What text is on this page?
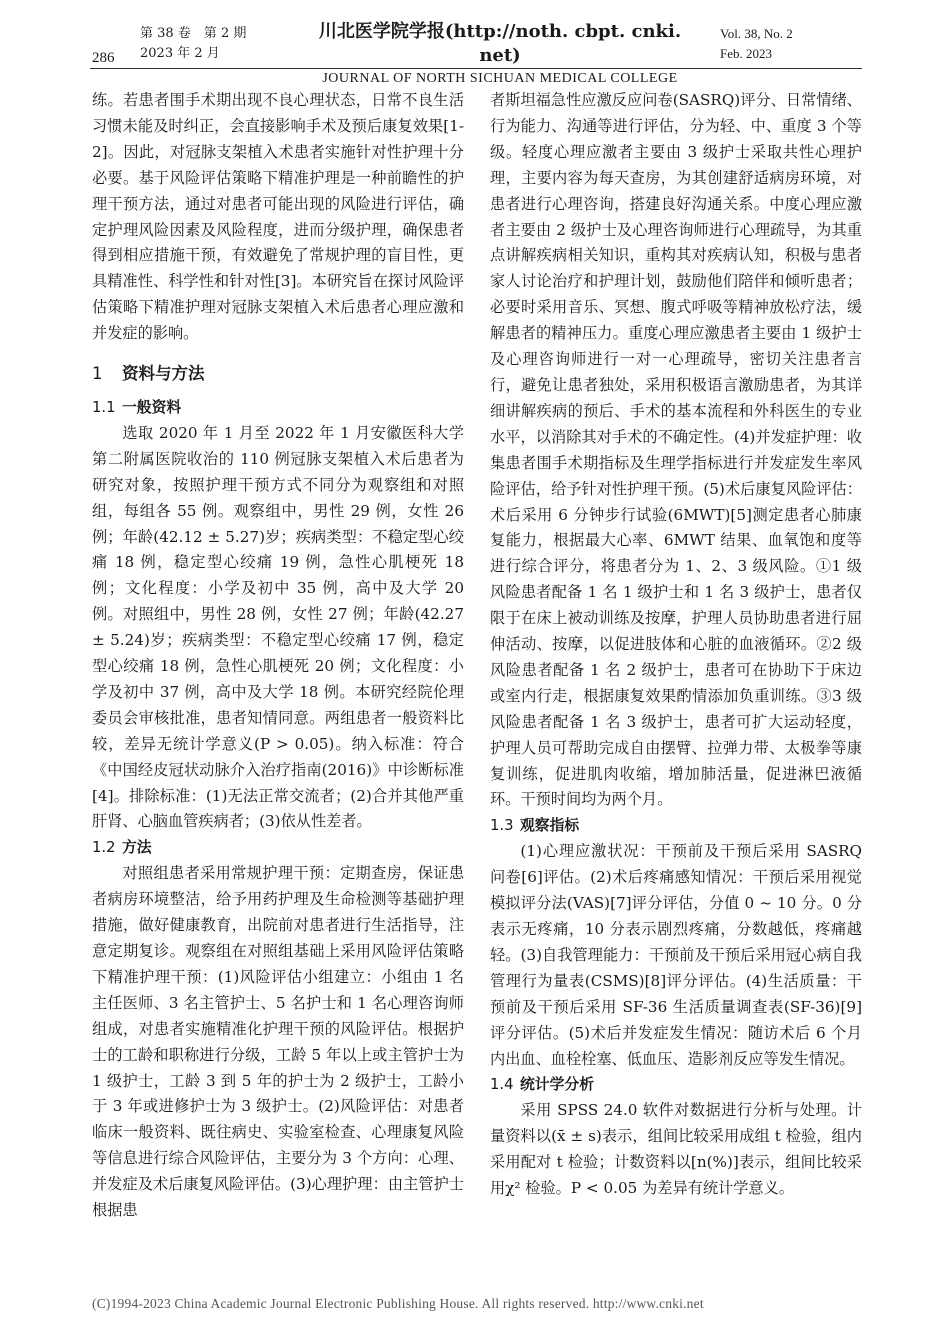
286
第 38 卷　第 2 期
2023 年 2 月
川北医学院学报(http://noth. cbpt. cnki. net)
JOURNAL OF NORTH SICHUAN MEDICAL COLLEGE
Vol. 38, No. 2
Feb. 2023

练。若患者围手术期出现不良心理状态，日常不良生活习惯未能及时纠正，会直接影响手术及预后康复效果[1-2]。因此，对冠脉支架植入术患者实施针对性护理十分必要。基于风险评估策略下精准护理是一种前瞻性的护理干预方法，通过对患者可能出现的风险进行评估，确定护理风险因素及风险程度，进而分级护理，确保患者得到相应措施干预，有效避免了常规护理的盲目性，更具精准性、科学性和针对性[3]。本研究旨在探讨风险评估策略下精准护理对冠脉支架植入术后患者心理应激和并发症的影响。

1 资料与方法

1.1 一般资料

选取 2020 年 1 月至 2022 年 1 月安徽医科大学第二附属医院收治的 110 例冠脉支架植入术后患者为研究对象，按照护理干预方式不同分为观察组和对照组，每组各 55 例。观察组中，男性 29 例，女性 26 例；年龄(42.12 ± 5.27)岁；疾病类型：不稳定型心绞痛 18 例，稳定型心绞痛 19 例，急性心肌梗死 18 例；文化程度：小学及初中 35 例，高中及大学 20 例。对照组中，男性 28 例，女性 27 例；年龄(42.27 ± 5.24)岁；疾病类型：不稳定型心绞痛 17 例，稳定型心绞痛 18 例，急性心肌梗死 20 例；文化程度：小学及初中 37 例，高中及大学 18 例。本研究经院伦理委员会审核批准，患者知情同意。两组患者一般资料比较，差异无统计学意义(P > 0.05)。纳入标准：符合《中国经皮冠状动脉介入治疗指南(2016)》中诊断标准[4]。排除标准：(1)无法正常交流者；(2)合并其他严重肝肾、心脑血管疾病者；(3)依从性差者。

1.2 方法

对照组患者采用常规护理干预：定期查房，保证患者病房环境整洁，给予用药护理及生命检测等基础护理措施，做好健康教育，出院前对患者进行生活指导，注意定期复诊。观察组在对照组基础上采用风险评估策略下精准护理干预：(1)风险评估小组建立：小组由 1 名主任医师、3 名主管护士、5 名护士和 1 名心理咨询师组成，对患者实施精准化护理干预的风险评估。根据护士的工龄和职称进行分级，工龄 5 年以上或主管护士为 1 级护士，工龄 3 到 5 年的护士为 2 级护士，工龄小于 3 年或进修护士为 3 级护士。(2)风险评估：对患者临床一般资料、既往病史、实验室检查、心理康复风险等信息进行综合风险评估，主要分为 3 个方向：心理、并发症及术后康复风险评估。(3)心理护理：由主管护士根据患

者斯坦福急性应激反应问卷(SASRQ)评分、日常情绪、行为能力、沟通等进行评估，分为轻、中、重度 3 个等级。轻度心理应激者主要由 3 级护士采取共性心理护理，主要内容为每天查房，为其创建舒适病房环境，对患者进行心理咨询，搭建良好沟通关系。中度心理应激者主要由 2 级护士及心理咨询师进行心理疏导，为其重点讲解疾病相关知识，重构其对疾病认知，积极与患者家人讨论治疗和护理计划，鼓励他们陪伴和倾听患者；必要时采用音乐、冥想、腹式呼吸等精神放松疗法，缓解患者的精神压力。重度心理应激患者主要由 1 级护士及心理咨询师进行一对一心理疏导，密切关注患者言行，避免让患者独处，采用积极语言激励患者，为其详细讲解疾病的预后、手术的基本流程和外科医生的专业水平，以消除其对手术的不确定性。(4)并发症护理：收集患者围手术期指标及生理学指标进行并发症发生率风险评估，给予针对性护理干预。(5)术后康复风险评估：术后采用 6 分钟步行试验(6MWT)[5]测定患者心肺康复能力，根据最大心率、6MWT 结果、血氧饱和度等进行综合评分，将患者分为 1、2、3 级风险。①1 级风险患者配备 1 名 1 级护士和 1 名 3 级护士，患者仅限于在床上被动训练及按摩，护理人员协助患者进行屈伸活动、按摩，以促进肢体和心脏的血液循环。②2 级风险患者配备 1 名 2 级护士，患者可在协助下于床边或室内行走，根据康复效果酌情添加负重训练。③3 级风险患者配备 1 名 3 级护士，患者可扩大运动轻度，护理人员可帮助完成自由摆臂、拉弹力带、太极拳等康复训练，促进肌肉收缩，增加肺活量，促进淋巴液循环。干预时间均为两个月。

1.3 观察指标

(1)心理应激状况：干预前及干预后采用 SASRQ 问卷[6]评估。(2)术后疼痛感知情况：干预后采用视觉模拟评分法(VAS)[7]评分评估，分值 0 ~ 10 分。0 分表示无疼痛，10 分表示剧烈疼痛，分数越低，疼痛越轻。(3)自我管理能力：干预前及干预后采用冠心病自我管理行为量表(CSMS)[8]评分评估。(4)生活质量：干预前及干预后采用 SF-36 生活质量调查表(SF-36)[9]评分评估。(5)术后并发症发生情况：随访术后 6 个月内出血、血栓栓塞、低血压、造影剂反应等发生情况。

1.4 统计学分析

采用 SPSS 24.0 软件对数据进行分析与处理。计量资料以(x̄ ± s)表示，组间比较采用成组 t 检验，组内采用配对 t 检验；计数资料以[n(%)]表示，组间比较采用χ² 检验。P < 0.05 为差异有统计学意义。

(C)1994-2023 China Academic Journal Electronic Publishing House. All rights reserved. http://www.cnki.net
